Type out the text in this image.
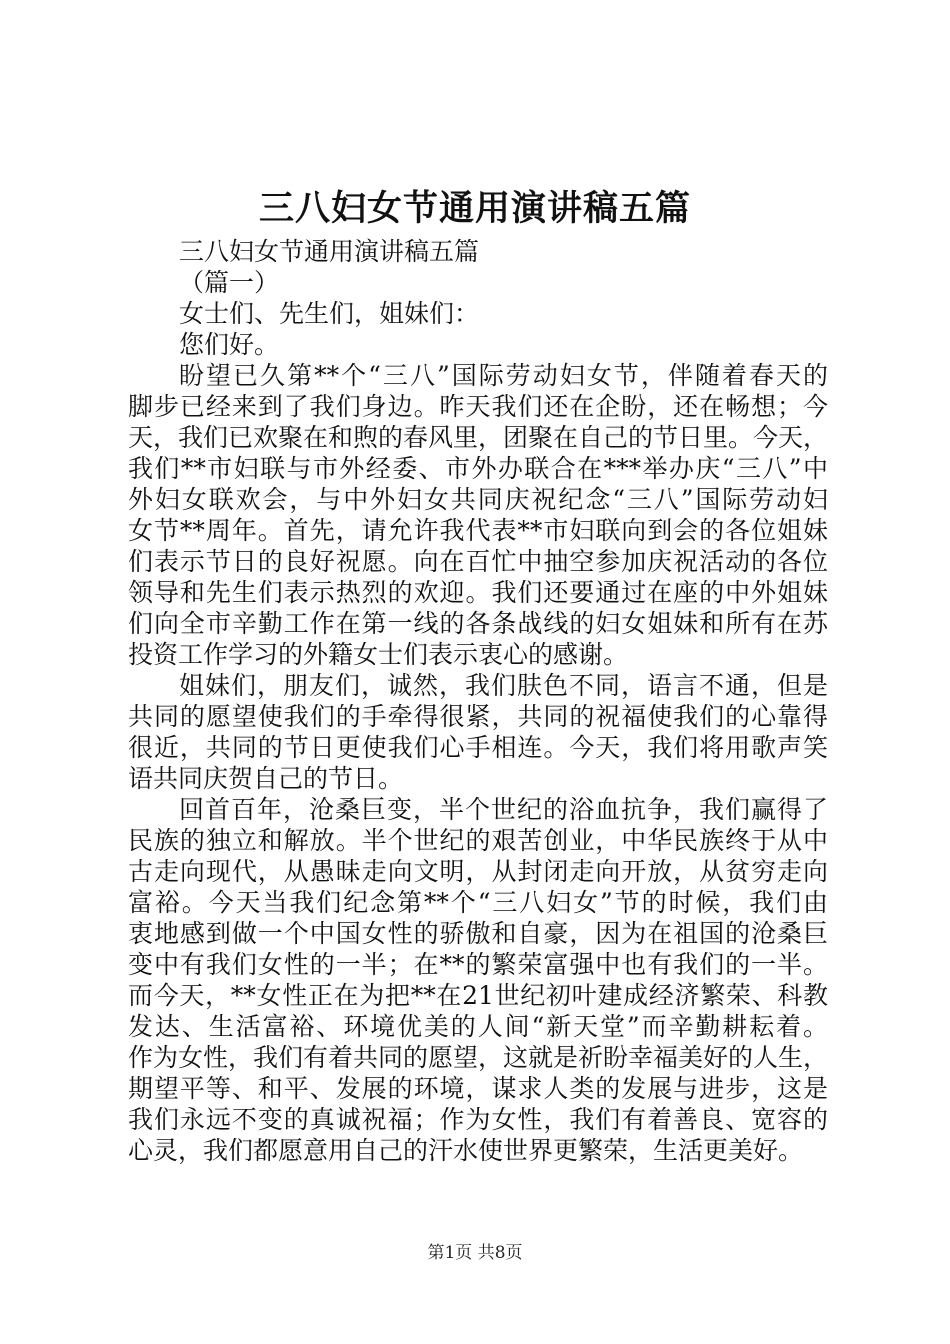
三八妇女节通用演讲稿五篇
三八妇女节通用演讲稿五篇
（篇一）
女士们、先生们，姐妹们：
您们好。
盼望已久第**个“三八”国际劳动妇女节，伴随着春天的
脚步已经来到了我们身边。昨天我们还在企盼，还在畅想；今
天，我们已欢聚在和煦的春风里，团聚在自己的节日里。今天，
我们**市妇联与市外经委、市外办联合在***举办庆“三八”中
外妇女联欢会，与中外妇女共同庆祝纪念“三八”国际劳动妇
女节**周年。首先，请允许我代表**市妇联向到会的各位姐妹
们表示节日的良好祝愿。向在百忙中抽空参加庆祝活动的各位
领导和先生们表示热烈的欢迎。我们还要通过在座的中外姐妹
们向全市辛勤工作在第一线的各条战线的妇女姐妹和所有在苏
投资工作学习的外籍女士们表示衷心的感谢。
姐妹们，朋友们，诚然，我们肤色不同，语言不通，但是
共同的愿望使我们的手牵得很紧，共同的祝福使我们的心靠得
很近，共同的节日更使我们心手相连。今天，我们将用歌声笑
语共同庆贺自己的节日。
回首百年，沧桑巨变，半个世纪的浴血抗争，我们赢得了
民族的独立和解放。半个世纪的艰苦创业，中华民族终于从中
古走向现代，从愚昧走向文明，从封闭走向开放，从贫穷走向
富裕。今天当我们纪念第**个“三八妇女”节的时候，我们由
衷地感到做一个中国女性的骄傲和自豪，因为在祖国的沧桑巨
变中有我们女性的一半；在**的繁荣富强中也有我们的一半。
而今天，**女性正在为把**在21世纪初叶建成经济繁荣、科教
发达、生活富裕、环境优美的人间“新天堂”而辛勤耕耘着。
作为女性，我们有着共同的愿望，这就是祈盼幸福美好的人生，
期望平等、和平、发展的环境，谋求人类的发展与进步，这是
我们永远不变的真诚祝福；作为女性，我们有着善良、宽容的
心灵，我们都愿意用自己的汗水使世界更繁荣，生活更美好。
第1页 共8页
